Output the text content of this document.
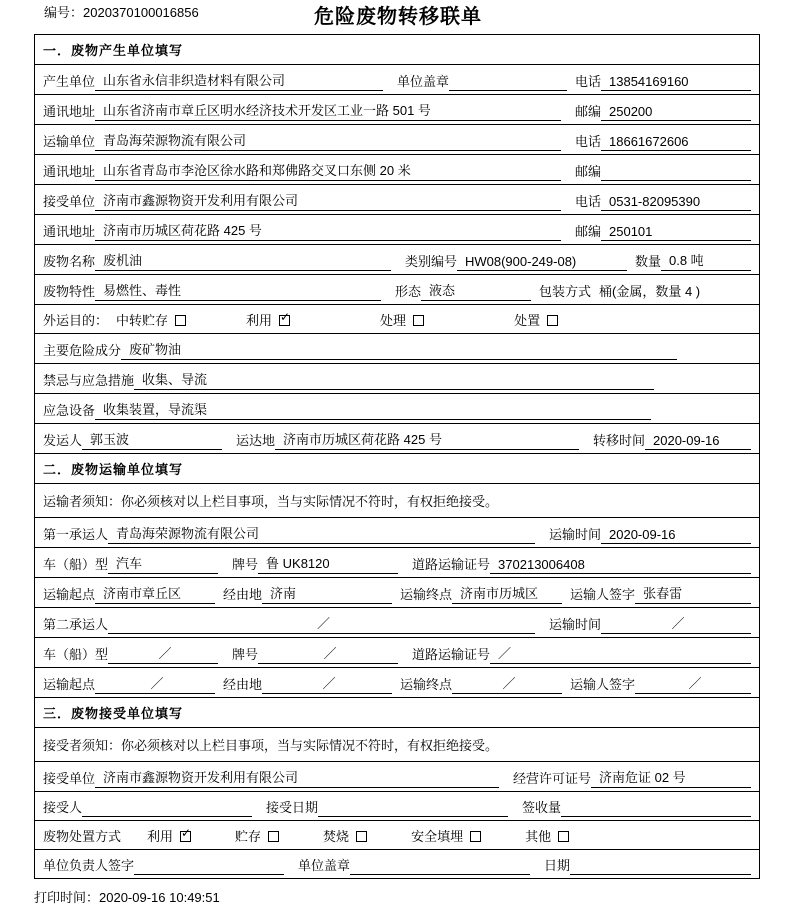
编号：2020370100016856	危险废物转移联单
一．废物产生单位填写

产生单位 山东省永信非织造材料有限公司	单位盖章	电话 13854169160

通讯地址 山东省济南市章丘区明水经济技术开发区工业一路 501 号	邮编 250200

运输单位 青岛海荣源物流有限公司	电话 18661672606

通讯地址 山东省青岛市李沧区徐水路和郑佛路交叉口东侧 20 米	邮编

接受单位 济南市鑫源物资开发利用有限公司	电话 0531-82095390

通讯地址 济南市历城区荷花路 425 号	邮编 250101

废物名称 废机油	类别编号 HW08(900-249-08)	数量 0.8 吨

废物特性 易燃性、毒性	形态 液态	包装方式 桶(金属，数量 4 )

外运目的： 中转贮存	利用 ✓	处理	处置

主要危险成分 废矿物油

禁忌与应急措施 收集、导流

应急设备 收集装置，导流渠

发运人 郭玉波	运达地 济南市历城区荷花路 425 号	转移时间 2020-09-16

二．废物运输单位填写

运输者须知：你必须核对以上栏目事项，当与实际情况不符时，有权拒绝接受。

第一承运人 青岛海荣源物流有限公司	运输时间 2020-09-16

车（船）型 汽车	牌号 鲁 UK8120	道路运输证号 370213006408

运输起点 济南市章丘区	经由地 济南	运输终点 济南市历城区	运输人签字 张春雷

第二承运人	／	运输时间	／

车（船）型	／	牌号	／	道路运输证号 ／

运输起点	／	经由地	／	运输终点	／	运输人签字	／

三．废物接受单位填写

接受者须知：你必须核对以上栏目事项，当与实际情况不符时，有权拒绝接受。

接受单位 济南市鑫源物资开发利用有限公司	经营许可证号 济南危证 02 号

接受人	接受日期	签收量

废物处置方式 利用 ✓	贮存	焚烧	安全填埋	其他

单位负责人签字	单位盖章	日期
打印时间：2020-09-16 10:49:51
